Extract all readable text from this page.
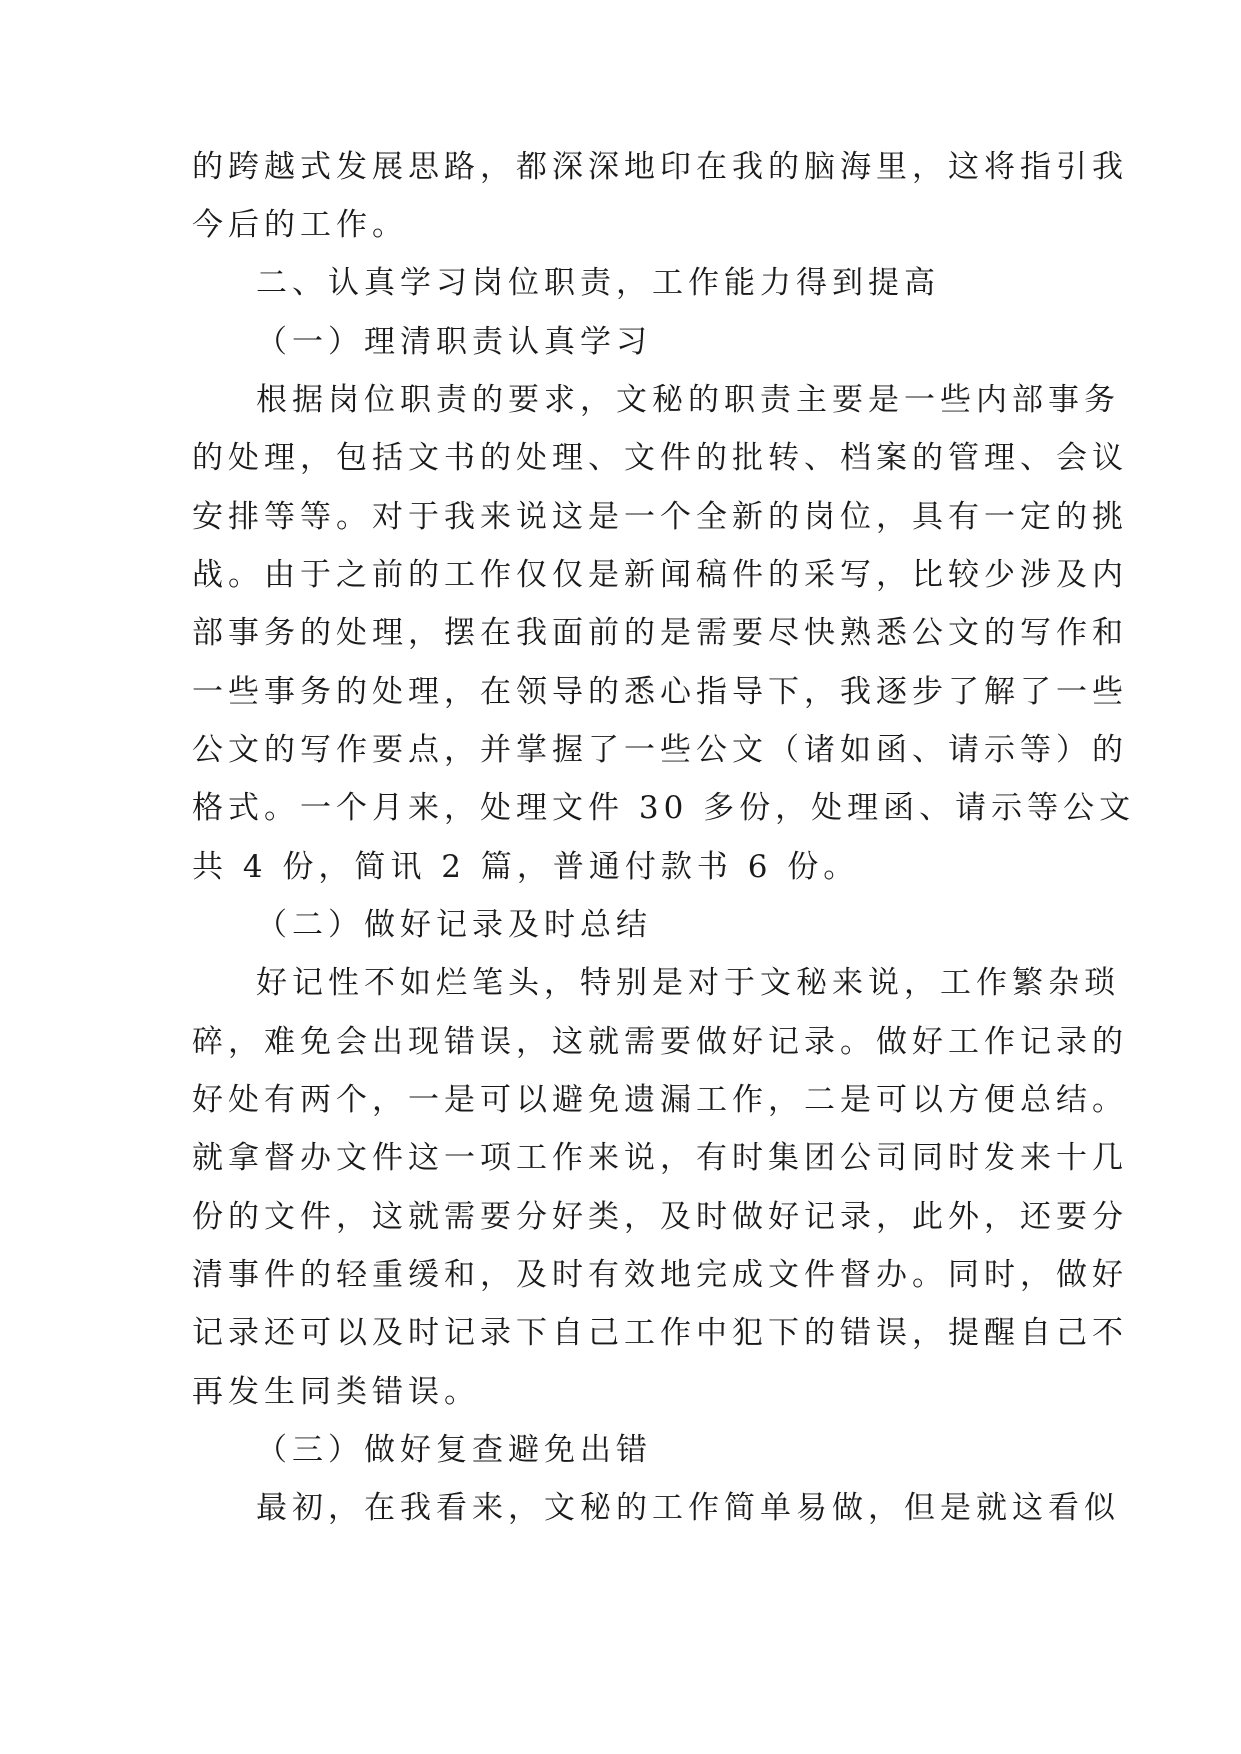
的跨越式发展思路，都深深地印在我的脑海里，这将指引我
今后的工作。
二、认真学习岗位职责，工作能力得到提高
（一）理清职责认真学习
根据岗位职责的要求，文秘的职责主要是一些内部事务
的处理，包括文书的处理、文件的批转、档案的管理、会议
安排等等。对于我来说这是一个全新的岗位，具有一定的挑
战。由于之前的工作仅仅是新闻稿件的采写，比较少涉及内
部事务的处理，摆在我面前的是需要尽快熟悉公文的写作和
一些事务的处理，在领导的悉心指导下，我逐步了解了一些
公文的写作要点，并掌握了一些公文（诸如函、请示等）的
格式。一个月来，处理文件 30 多份，处理函、请示等公文
共 4 份，简讯 2 篇，普通付款书 6 份。
（二）做好记录及时总结
好记性不如烂笔头，特别是对于文秘来说，工作繁杂琐
碎，难免会出现错误，这就需要做好记录。做好工作记录的
好处有两个，一是可以避免遗漏工作，二是可以方便总结。
就拿督办文件这一项工作来说，有时集团公司同时发来十几
份的文件，这就需要分好类，及时做好记录，此外，还要分
清事件的轻重缓和，及时有效地完成文件督办。同时，做好
记录还可以及时记录下自己工作中犯下的错误，提醒自己不
再发生同类错误。
（三）做好复查避免出错
最初，在我看来，文秘的工作简单易做，但是就这看似
